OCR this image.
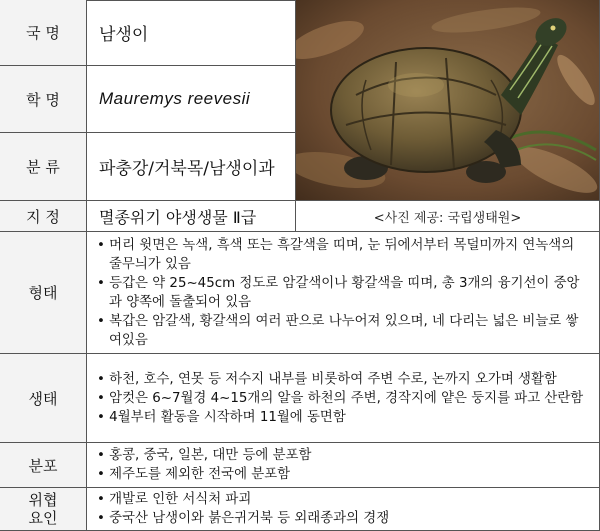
국 명 남생이
학 명 Mauremys reevesii
분 류 파충강/거북목/남생이과
지 정 멸종위기 야생생물 Ⅱ급	<사진 제공: 국립생태원>
형태
• 머리 윗면은 녹색, 흑색 또는 흑갈색을 띠며, 눈 뒤에서부터 목덜미까지 연녹색의 줄무늬가 있음
• 등갑은 약 25~45cm 정도로 암갈색이나 황갈색을 띠며, 총 3개의 융기선이 중앙과 양쪽에 돌출되어 있음
• 복갑은 암갈색, 황갈색의 여러 판으로 나누어져 있으며, 네 다리는 넓은 비늘로 쌓여있음
생태
• 하천, 호수, 연못 등 저수지 내부를 비롯하여 주변 수로, 논까지 오가며 생활함
• 암컷은 6~7월경 4~15개의 알을 하천의 주변, 경작지에 얕은 둥지를 파고 산란함
• 4월부터 활동을 시작하며 11월에 동면함
분포
• 홍콩, 중국, 일본, 대만 등에 분포함
• 제주도를 제외한 전국에 분포함
위협
요인
• 개발로 인한 서식처 파괴
• 중국산 남생이와 붉은귀거북 등 외래종과의 경쟁
